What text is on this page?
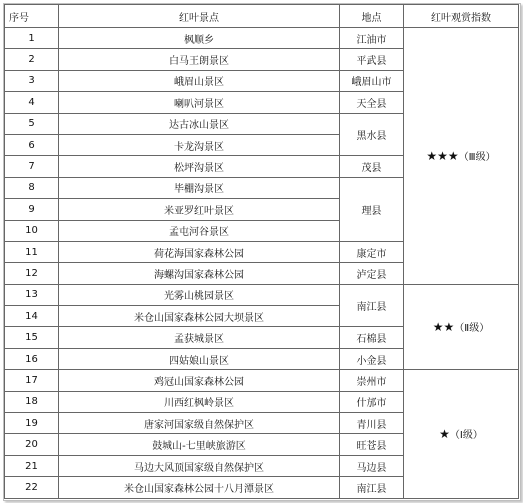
序号	红叶景点	地点	红叶观赏指数
1	枫顺乡	江油市	★★★（Ⅲ级）
2	白马王朗景区	平武县	
3	峨眉山景区	峨眉山市	
4	喇叭河景区	天全县	
5	达古冰山景区	黑水县	
6	卡龙沟景区		
7	松坪沟景区	茂县	
8	毕棚沟景区	理县	
9	米亚罗红叶景区		
10	孟屯河谷景区		
11	荷花海国家森林公园	康定市	
12	海螺沟国家森林公园	泸定县	
13	光雾山桃园景区	南江县	★★（Ⅱ级）
14	米仓山国家森林公园大坝景区		
15	孟获城景区	石棉县	
16	四姑娘山景区	小金县	
17	鸡冠山国家森林公园	崇州市	★（Ⅰ级）
18	川西红枫岭景区	什邡市	
19	唐家河国家级自然保护区	青川县	
20	鼓城山-七里峡旅游区	旺苍县	
21	马边大风顶国家级自然保护区	马边县	
22	米仓山国家森林公园十八月潭景区	南江县	
